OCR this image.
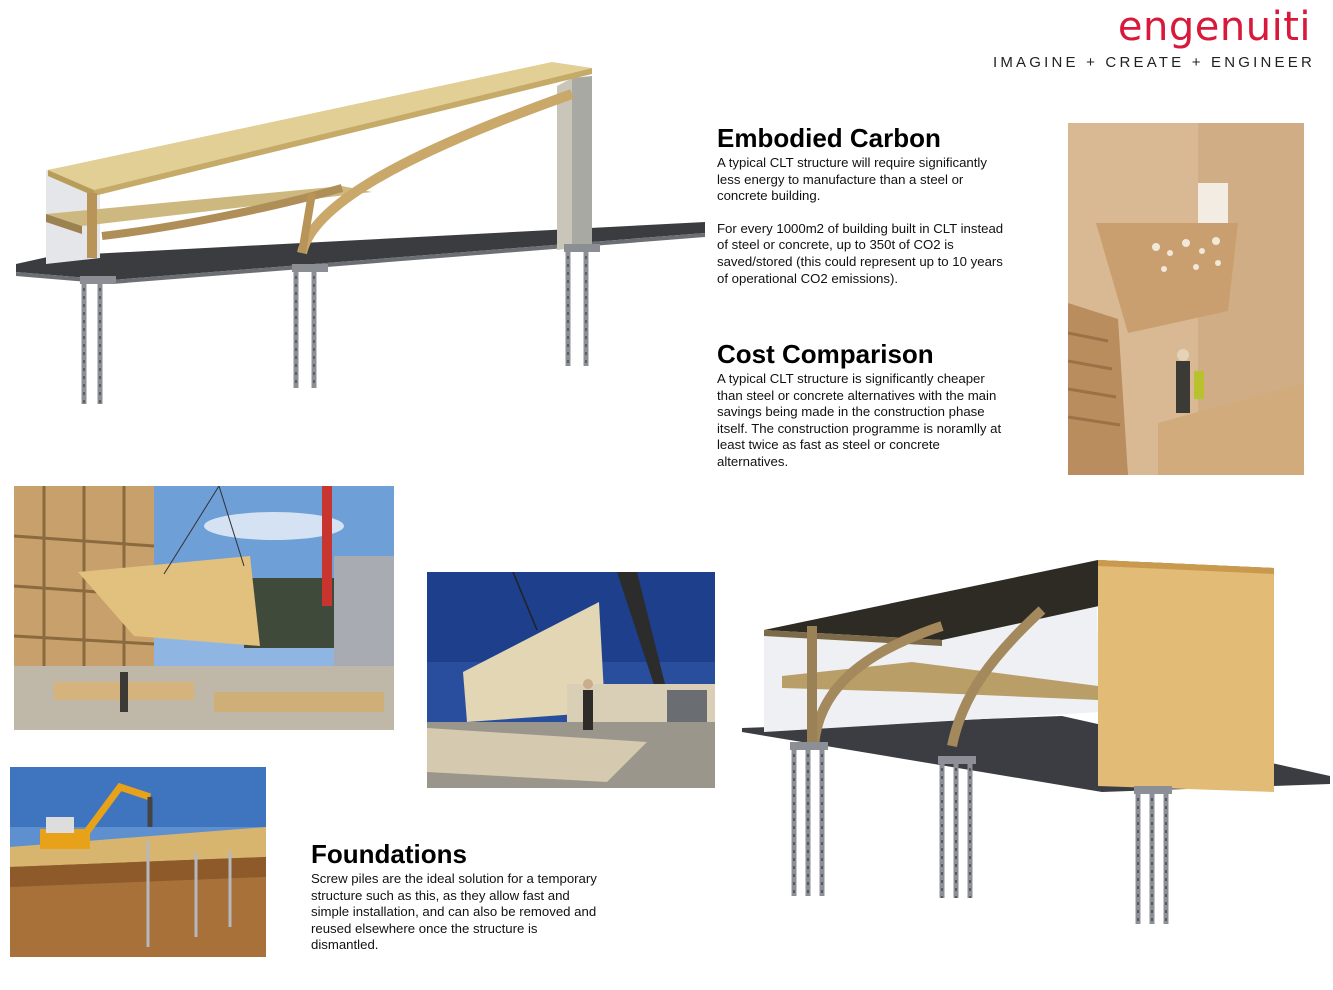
engenuiti
IMAGINE + CREATE + ENGINEER
Embodied Carbon

A typical CLT structure will require significantly less energy to manufacture than a steel or concrete building.

For every 1000m2 of building built in CLT instead of steel or concrete, up to 350t of CO2 is saved/stored (this could represent up to 10 years of operational CO2 emissions).

Cost Comparison

A typical CLT structure is significantly cheaper than steel or concrete alternatives with the main savings being made in the construction phase itself. The construction programme is noramlly at least twice as fast as steel or concrete alternatives.

Foundations

Screw piles are the ideal solution for a temporary structure such as this, as they allow fast and simple installation, and can also be removed and reused elsewhere once the structure is dismantled.
